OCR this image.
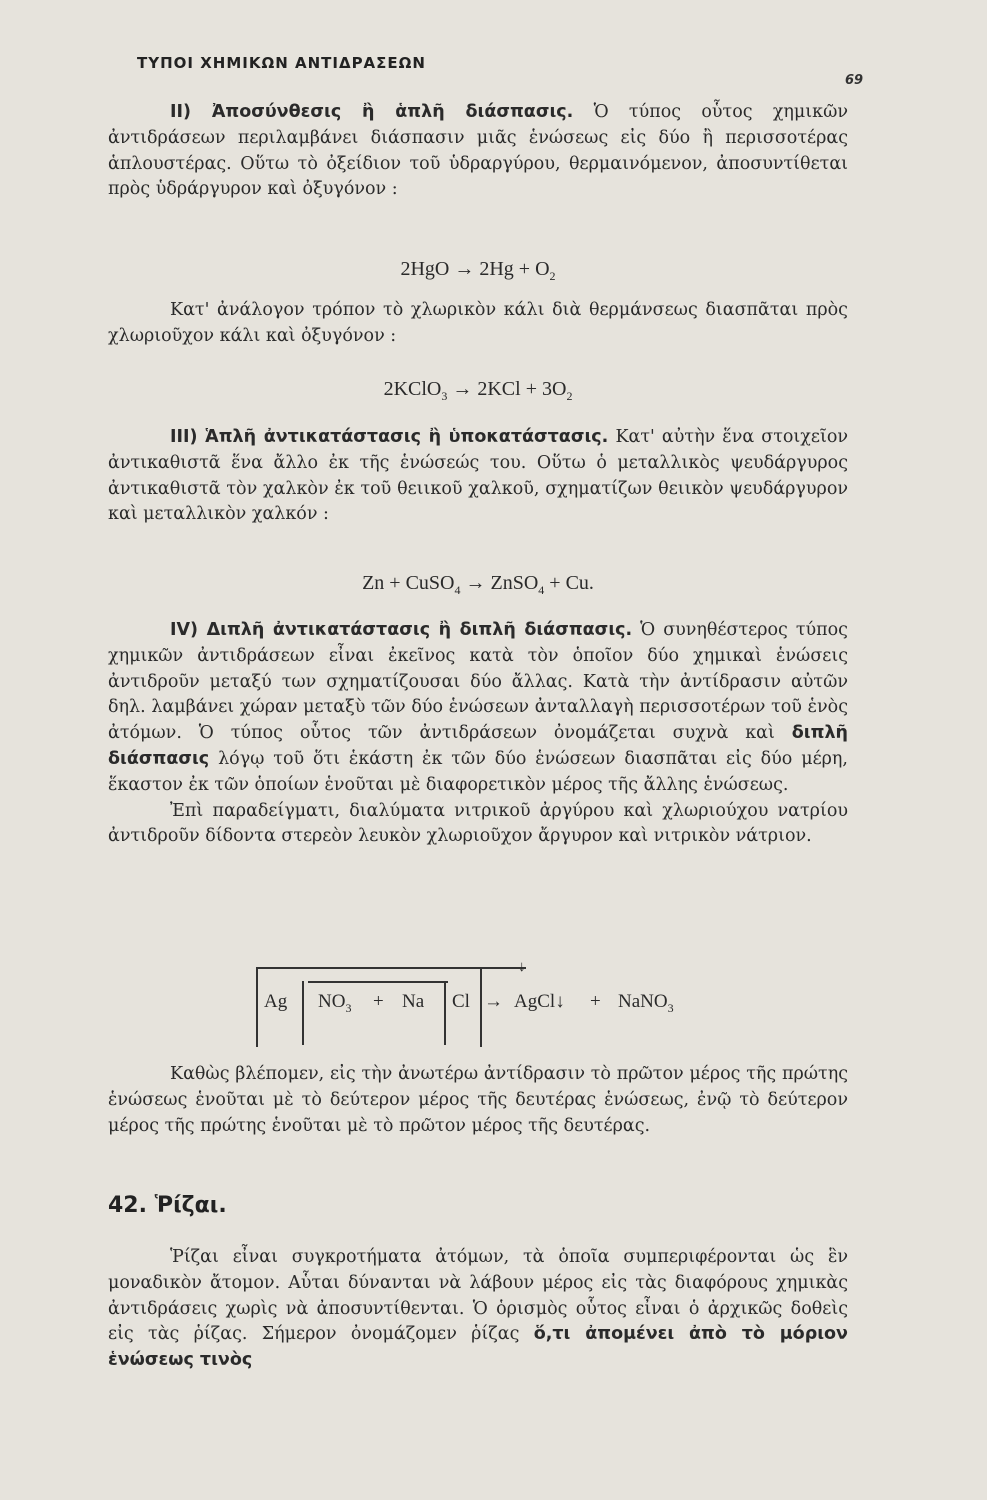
ΤΥΠΟΙ ΧΗΜΙΚΩΝ ΑΝΤΙΔΡΑΣΕΩΝ
69

II) Ἀποσύνθεσις ἢ ἁπλῆ διάσπασις. Ὁ τύπος οὗτος χημικῶν ἀντιδράσεων περιλαμβάνει διάσπασιν μιᾶς ἑνώσεως εἰς δύο ἢ περισσοτέρας ἁπλουστέρας. Οὕτω τὸ ὀξείδιον τοῦ ὑδραργύρου, θερμαινόμενον, ἀποσυντίθεται πρὸς ὑδράργυρον καὶ ὀξυγόνον :

$2HgO \to 2Hg + O_2$

Κατ' ἀνάλογον τρόπον τὸ χλωρικὸν κάλι διὰ θερμάνσεως διασπᾶται πρὸς χλωριοῦχον κάλι καὶ ὀξυγόνον :

2KClO$_3$ → $2KCl + 3O_2$

III) Ἁπλῆ ἀντικατάστασις ἢ ὑποκατάστασις. Κατ' αὐτὴν ἕνα στοιχεῖον ἀντικαθιστᾶ ἕνα ἄλλο ἐκ τῆς ἑνώσεώς του. Οὕτω ὁ μεταλλικὸς ψευδάργυρος ἀντικαθιστᾶ τὸν χαλκὸν ἐκ τοῦ θειικοῦ χαλκοῦ, σχηματίζων θειικὸν ψευδάργυρον καὶ μεταλλικὸν χαλκόν :

Zn + CuSO$_4$ → ZnSO$_4$ + Cu.

IV) Διπλῆ ἀντικατάστασις ἢ διπλῆ διάσπασις. Ὁ συνηθέστερος τύπος χημικῶν ἀντιδράσεων εἶναι ἐκεῖνος κατὰ τὸν ὁποῖον δύο χημικαὶ ἑνώσεις ἀντιδροῦν μεταξύ των σχηματίζουσαι δύο ἄλλας. Κατὰ τὴν ἀντίδρασιν αὐτῶν δηλ. λαμβάνει χώραν μεταξὺ τῶν δύο ἑνώσεων ἀνταλλαγὴ περισσοτέρων τοῦ ἑνὸς ἀτόμων. Ὁ τύπος οὗτος τῶν ἀντιδράσεων ὀνομάζεται συχνὰ καὶ διπλῆ διάσπασις λόγῳ τοῦ ὅτι ἑκάστη ἐκ τῶν δύο ἑνώσεων διασπᾶται εἰς δύο μέρη, ἕκαστον ἐκ τῶν ὁποίων ἑνοῦται μὲ διαφορετικὸν μέρος τῆς ἄλλης ἑνώσεως.

Ἐπὶ παραδείγματι, διαλύματα νιτρικοῦ ἀργύρου καὶ χλωριούχου νατρίου ἀντιδροῦν δίδοντα στερεὸν λευκὸν χλωριοῦχον ἄργυρον καὶ νιτρικὸν νάτριον.

↓
Ag $NO_3 + Na$ Cl → AgCl↓ + NaNO$_3$

Καθὼς βλέπομεν, εἰς τὴν ἀνωτέρω ἀντίδρασιν τὸ πρῶτον μέρος τῆς πρώτης ἑνώσεως ἑνοῦται μὲ τὸ δεύτερον μέρος τῆς δευτέρας ἑνώσεως, ἐνῷ τὸ δεύτερον μέρος τῆς πρώτης ἑνοῦται μὲ τὸ πρῶτον μέρος τῆς δευτέρας.

42. Ῥίζαι.

Ῥίζαι εἶναι συγκροτήματα ἀτόμων, τὰ ὁποῖα συμπεριφέρονται ὡς ἓν μοναδικὸν ἄτομον. Αὗται δύνανται νὰ λάβουν μέρος εἰς τὰς διαφόρους χημικὰς ἀντιδράσεις χωρὶς νὰ ἀποσυντίθενται. Ὁ ὁρισμὸς οὗτος εἶναι ὁ ἀρχικῶς δοθεὶς εἰς τὰς ῥίζας. Σήμερον ὀνομάζομεν ῥίζας ὅ,τι ἀπομένει ἀπὸ τὸ μόριον ἑνώσεως τινὸς
